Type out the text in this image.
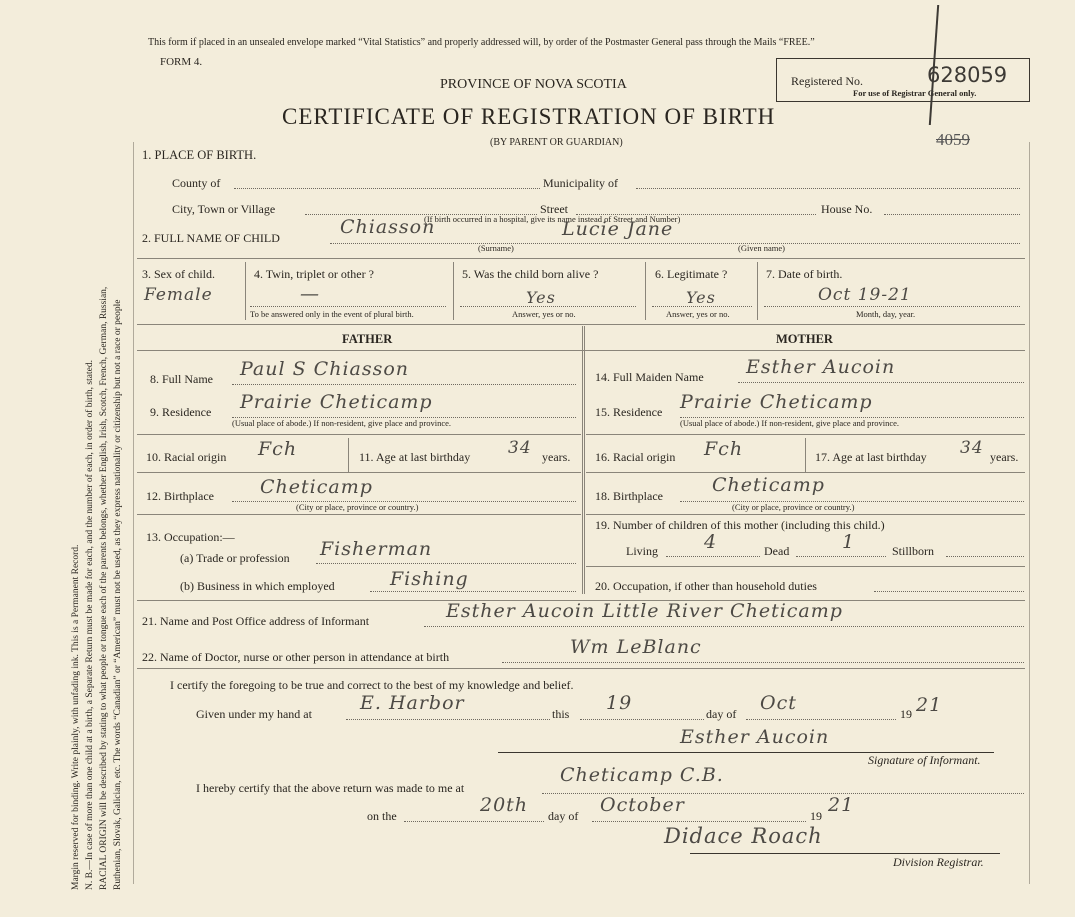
Margin reserved for binding. Write plainly, with unfading ink. This is a Permanent Record. N. B.—In case of more than one child at a birth, a Separate Return must be made for each, and the number of each, in order of birth, stated. RACIAL ORIGIN will be described by stating to what people or tongue each of the parents belongs, whether English, Irish, Scotch, French, German, Russian, Ruthenian, Slovak, Galician, etc. The words “Canadian” or “American” must not be used, as they express nationality or citizenship but not a race or people
This form if placed in an unsealed envelope marked “Vital Statistics” and properly addressed will, by order of the Postmaster General pass through the Mails “FREE.”
FORM 4.
PROVINCE OF NOVA SCOTIA
CERTIFICATE OF REGISTRATION OF BIRTH
(BY PARENT OR GUARDIAN)
Registered No.
For use of Registrar General only.
628059
4059
1. PLACE OF BIRTH.
County of	Municipality of
City, Town or Village	Street	House No.
(If birth occurred in a hospital, give its name instead of Street and Number)
2. FULL NAME OF CHILD	Chiasson	Lucie Jane
(Surname)	(Given name)
3. Sex of child.
Female
4. Twin, triplet or other ?
—
To be answered only in the event of plural birth.
5. Was the child born alive ?
Yes
Answer, yes or no.
6. Legitimate ?
Yes
Answer, yes or no.
7. Date of birth.
Oct 19-21
Month, day, year.
FATHER	MOTHER
8. Full Name Paul S Chiasson
9. Residence Prairie Cheticamp
(Usual place of abode.) If non-resident, give place and province.
10. Racial origin Fch	11. Age at last birthday 34 years.
12. Birthplace Cheticamp
(City or place, province or country.)
13. Occupation:—
(a) Trade or profession Fisherman
(b) Business in which employed	Fishing
14. Full Maiden Name Esther Aucoin
15. Residence Prairie Cheticamp
(Usual place of abode.) If non-resident, give place and province.
16. Racial origin Fch	17. Age at last birthday 34 years.
18. Birthplace	Cheticamp
(City or place, province or country.)
19. Number of children of this mother (including this child.)
Living 4	Dead	1	Stillborn
20. Occupation, if other than household duties
21. Name and Post Office address of Informant	Esther Aucoin Little River Cheticamp
22. Name of Doctor, nurse or other person in attendance at birth	Wm LeBlanc
I certify the foregoing to be true and correct to the best of my knowledge and belief.
Given under my hand at	E. Harbor	this 19	day of Oct	19 21
Esther Aucoin
Signature of Informant.
I hereby certify that the above return was made to me at
Cheticamp C.B.
on the	20th day of October	19 21
Didace Roach
Division Registrar.
